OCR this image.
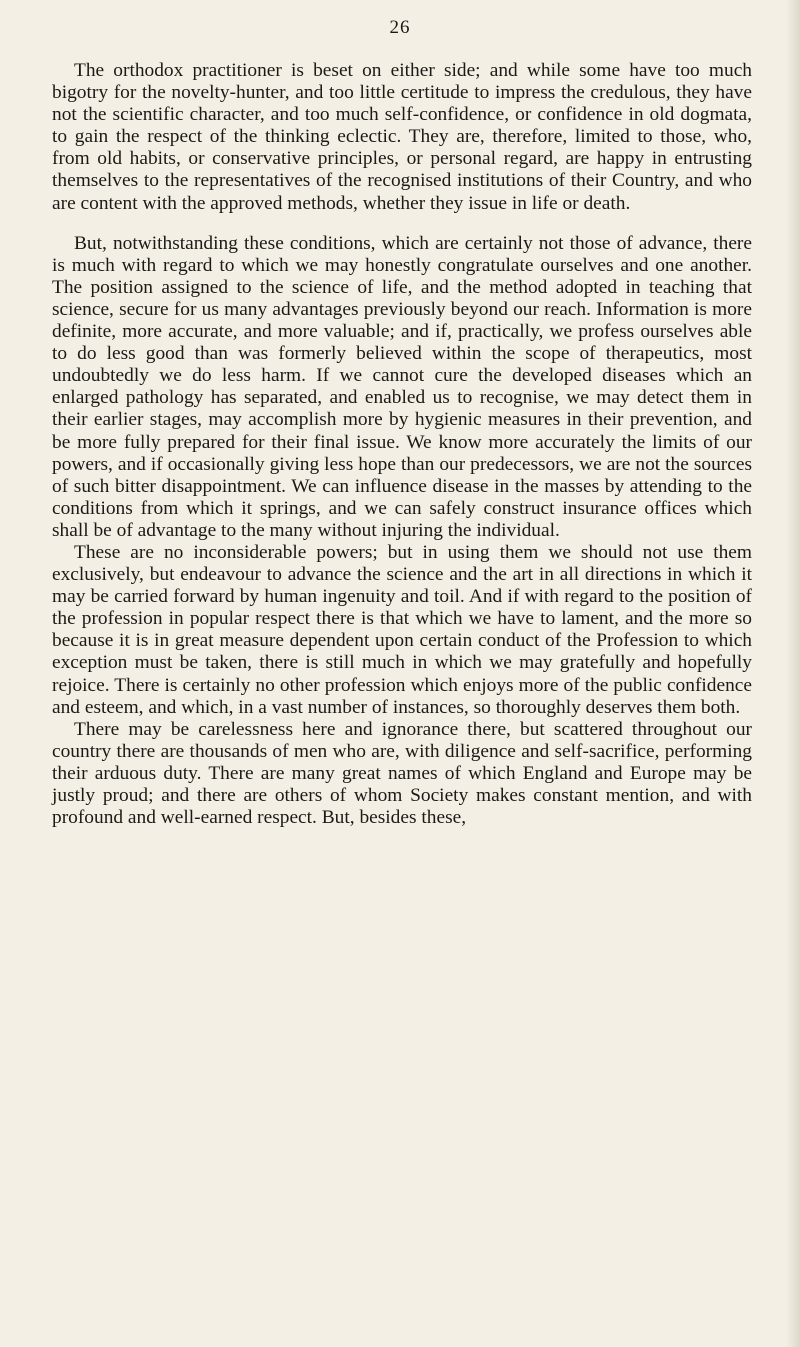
26

The orthodox practitioner is beset on either side; and while some have too much bigotry for the novelty-hunter, and too little certitude to impress the credulous, they have not the scientific character, and too much self-confidence, or confidence in old dogmata, to gain the respect of the thinking eclectic. They are, therefore, limited to those, who, from old habits, or conservative principles, or personal regard, are happy in entrusting themselves to the representatives of the recognised institutions of their Country, and who are content with the approved methods, whether they issue in life or death.

But, notwithstanding these conditions, which are certainly not those of advance, there is much with regard to which we may honestly congratulate ourselves and one another. The position assigned to the science of life, and the method adopted in teaching that science, secure for us many advantages previously beyond our reach. Information is more definite, more accurate, and more valuable; and if, practically, we profess ourselves able to do less good than was formerly believed within the scope of therapeutics, most undoubtedly we do less harm. If we cannot cure the developed diseases which an enlarged pathology has separated, and enabled us to recognise, we may detect them in their earlier stages, may accomplish more by hygienic measures in their prevention, and be more fully prepared for their final issue. We know more accurately the limits of our powers, and if occasionally giving less hope than our predecessors, we are not the sources of such bitter disappointment. We can influence disease in the masses by attending to the conditions from which it springs, and we can safely construct insurance offices which shall be of advantage to the many without injuring the individual.

These are no inconsiderable powers; but in using them we should not use them exclusively, but endeavour to advance the science and the art in all directions in which it may be carried forward by human ingenuity and toil. And if with regard to the position of the profession in popular respect there is that which we have to lament, and the more so because it is in great measure dependent upon certain conduct of the Profession to which exception must be taken, there is still much in which we may gratefully and hopefully rejoice. There is certainly no other profession which enjoys more of the public confidence and esteem, and which, in a vast number of instances, so thoroughly deserves them both.

There may be carelessness here and ignorance there, but scattered throughout our country there are thousands of men who are, with diligence and self-sacrifice, performing their arduous duty. There are many great names of which England and Europe may be justly proud; and there are others of whom Society makes constant mention, and with profound and well-earned respect. But, besides these,
